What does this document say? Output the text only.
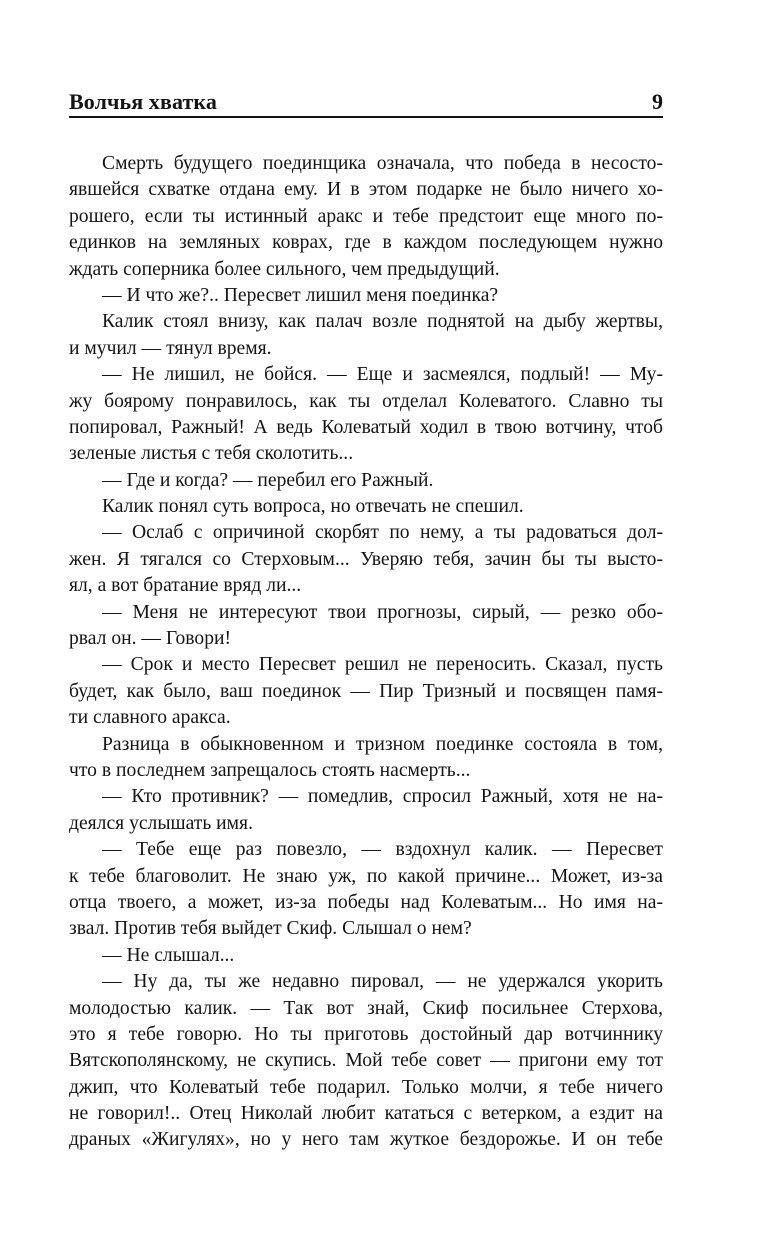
Волчья хватка	9
Смерть будущего поединщика означала, что победа в несосто-
явшейся схватке отдана ему. И в этом подарке не было ничего хо-
рошего, если ты истинный аракс и тебе предстоит еще много по-
единков на земляных коврах, где в каждом последующем нужно
ждать соперника более сильного, чем предыдущий.
— И что же?.. Пересвет лишил меня поединка?
Калик стоял внизу, как палач возле поднятой на дыбу жертвы,
и мучил — тянул время.
— Не лишил, не бойся. — Еще и засмеялся, подлый! — Му-
жу боярому понравилось, как ты отделал Колеватого. Славно ты
попировал, Ражный! А ведь Колеватый ходил в твою вотчину, чтоб
зеленые листья с тебя сколотить...
— Где и когда? — перебил его Ражный.
Калик понял суть вопроса, но отвечать не спешил.
— Ослаб с опричиной скорбят по нему, а ты радоваться дол-
жен. Я тягался со Стерховым... Уверяю тебя, зачин бы ты высто-
ял, а вот братание вряд ли...
— Меня не интересуют твои прогнозы, сирый, — резко обо-
рвал он. — Говори!
— Срок и место Пересвет решил не переносить. Сказал, пусть
будет, как было, ваш поединок — Пир Тризный и посвящен памя-
ти славного аракса.
Разница в обыкновенном и тризном поединке состояла в том,
что в последнем запрещалось стоять насмерть...
— Кто противник? — помедлив, спросил Ражный, хотя не на-
деялся услышать имя.
— Тебе еще раз повезло, — вздохнул калик. — Пересвет
к тебе благоволит. Не знаю уж, по какой причине... Может, из-за
отца твоего, а может, из-за победы над Колеватым... Но имя на-
звал. Против тебя выйдет Скиф. Слышал о нем?
— Не слышал...
— Ну да, ты же недавно пировал, — не удержался укорить
молодостью калик. — Так вот знай, Скиф посильнее Стерхова,
это я тебе говорю. Но ты приготовь достойный дар вотчиннику
Вятскополянскому, не скупись. Мой тебе совет — пригони ему тот
джип, что Колеватый тебе подарил. Только молчи, я тебе ничего
не говорил!.. Отец Николай любит кататься с ветерком, а ездит на
драных «Жигулях», но у него там жуткое бездорожье. И он тебе
